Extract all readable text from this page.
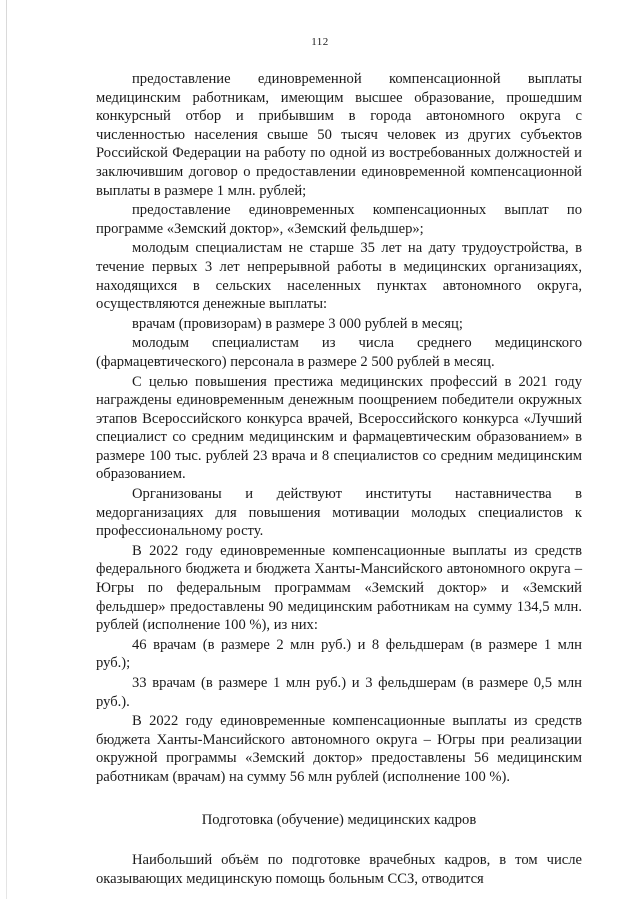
112

предоставление единовременной компенсационной выплаты медицинским работникам, имеющим высшее образование, прошедшим конкурсный отбор и прибывшим в города автономного округа с численностью населения свыше 50 тысяч человек из других субъектов Российской Федерации на работу по одной из востребованных должностей и заключившим договор о предоставлении единовременной компенсационной выплаты в размере 1 млн. рублей;

предоставление единовременных компенсационных выплат по программе «Земский доктор», «Земский фельдшер»;

молодым специалистам не старше 35 лет на дату трудоустройства, в течение первых 3 лет непрерывной работы в медицинских организациях, находящихся в сельских населенных пунктах автономного округа, осуществляются денежные выплаты:

врачам (провизорам) в размере 3 000 рублей в месяц;

молодым специалистам из числа среднего медицинского (фармацевтического) персонала в размере 2 500 рублей в месяц.

С целью повышения престижа медицинских профессий в 2021 году награждены единовременным денежным поощрением победители окружных этапов Всероссийского конкурса врачей, Всероссийского конкурса «Лучший специалист со средним медицинским и фармацевтическим образованием» в размере 100 тыс. рублей 23 врача и 8 специалистов со средним медицинским образованием.

Организованы и действуют институты наставничества в медорганизациях для повышения мотивации молодых специалистов к профессиональному росту.

В 2022 году единовременные компенсационные выплаты из средств федерального бюджета и бюджета Ханты-Мансийского автономного округа – Югры по федеральным программам «Земский доктор» и «Земский фельдшер» предоставлены 90 медицинским работникам на сумму 134,5 млн. рублей (исполнение 100 %), из них:

46 врачам (в размере 2 млн руб.) и 8 фельдшерам (в размере 1 млн руб.);

33 врачам (в размере 1 млн руб.) и 3 фельдшерам (в размере 0,5 млн руб.).

В 2022 году единовременные компенсационные выплаты из средств бюджета Ханты-Мансийского автономного округа – Югры при реализации окружной программы «Земский доктор» предоставлены 56 медицинским работникам (врачам) на сумму 56 млн рублей (исполнение 100 %).

Подготовка (обучение) медицинских кадров

Наибольший объём по подготовке врачебных кадров, в том числе оказывающих медицинскую помощь больным ССЗ, отводится
